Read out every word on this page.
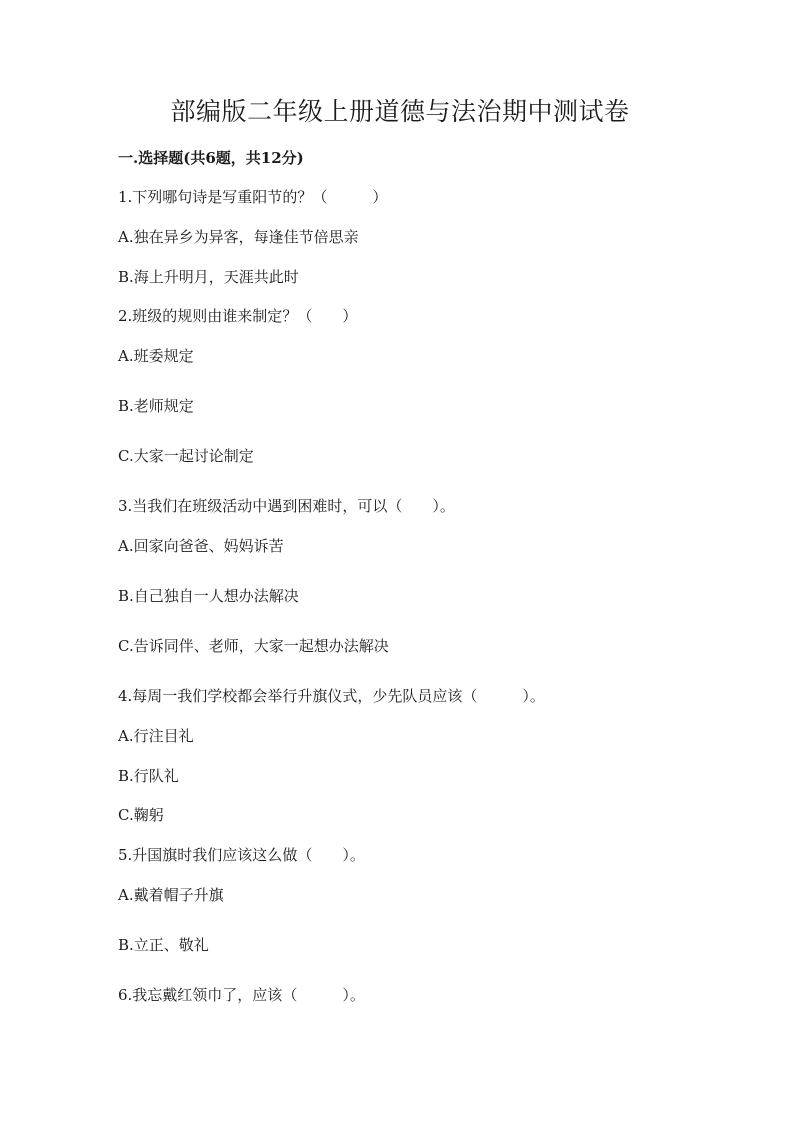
部编版二年级上册道德与法治期中测试卷
一.选择题(共6题，共12分)
1.下列哪句诗是写重阳节的？（　　　）
A.独在异乡为异客，每逢佳节倍思亲
B.海上升明月，天涯共此时
2.班级的规则由谁来制定？（　　）
A.班委规定
B.老师规定
C.大家一起讨论制定
3.当我们在班级活动中遇到困难时，可以（　　）。
A.回家向爸爸、妈妈诉苦
B.自己独自一人想办法解决
C.告诉同伴、老师，大家一起想办法解决
4.每周一我们学校都会举行升旗仪式，少先队员应该（　　　）。
A.行注目礼
B.行队礼
C.鞠躬
5.升国旗时我们应该这么做（　　）。
A.戴着帽子升旗
B.立正、敬礼
6.我忘戴红领巾了，应该（　　　）。
